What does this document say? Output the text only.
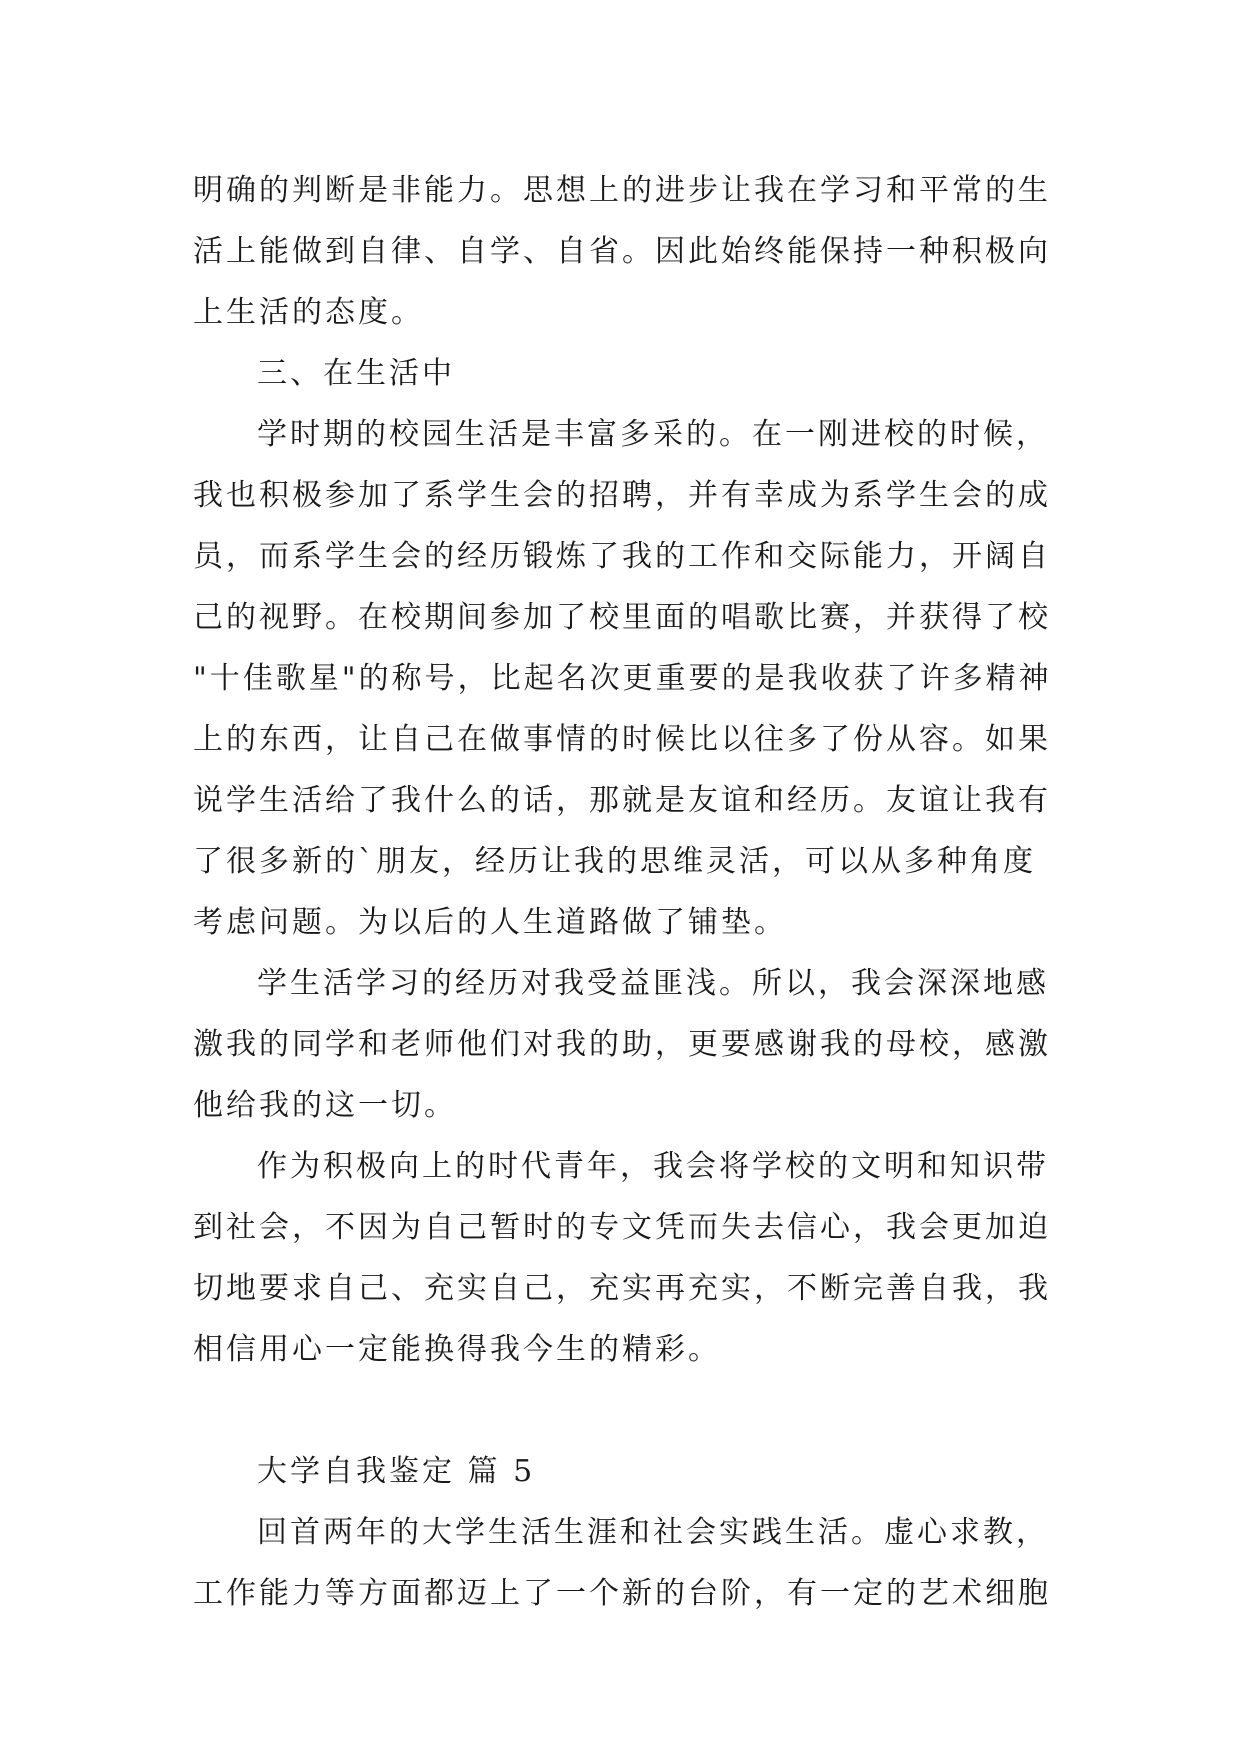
明确的判断是非能力。思想上的进步让我在学习和平常的生
活上能做到自律、自学、自省。因此始终能保持一种积极向
上生活的态度。
三、在生活中
学时期的校园生活是丰富多采的。在一刚进校的时候，
我也积极参加了系学生会的招聘，并有幸成为系学生会的成
员，而系学生会的经历锻炼了我的工作和交际能力，开阔自
己的视野。在校期间参加了校里面的唱歌比赛，并获得了校
"十佳歌星"的称号，比起名次更重要的是我收获了许多精神
上的东西，让自己在做事情的时候比以往多了份从容。如果
说学生活给了我什么的话，那就是友谊和经历。友谊让我有
了很多新的`朋友，经历让我的思维灵活，可以从多种角度
考虑问题。为以后的人生道路做了铺垫。
学生活学习的经历对我受益匪浅。所以，我会深深地感
激我的同学和老师他们对我的助，更要感谢我的母校，感激
他给我的这一切。
作为积极向上的时代青年，我会将学校的文明和知识带
到社会，不因为自己暂时的专文凭而失去信心，我会更加迫
切地要求自己、充实自己，充实再充实，不断完善自我，我
相信用心一定能换得我今生的精彩。
大学自我鉴定 篇 5
回首两年的大学生活生涯和社会实践生活。虚心求教，
工作能力等方面都迈上了一个新的台阶，有一定的艺术细胞
